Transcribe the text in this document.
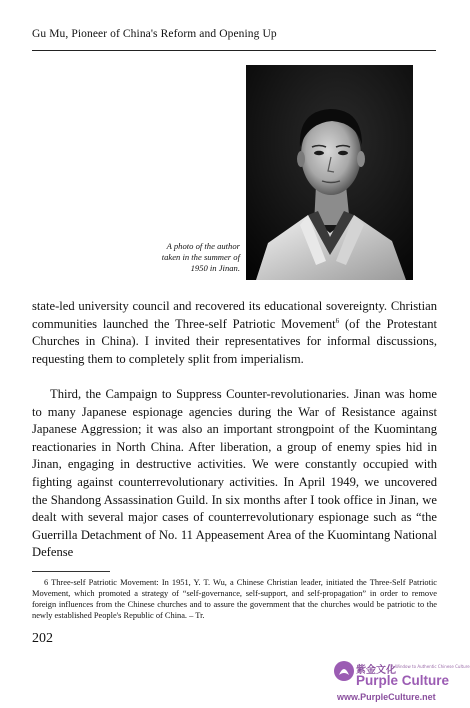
Gu Mu, Pioneer of China's Reform and Opening Up
A photo of the author
taken in the summer of
1950 in Jinan.
state-led university council and recovered its educational sovereignty. Christian communities launched the Three-self Patriotic Movement$^6$ (of the Protestant Churches in China). I invited their representatives for informal discussions, requesting them to completely split from imperialism.
Third, the Campaign to Suppress Counter-revolutionaries. Jinan was home to many Japanese espionage agencies during the War of Resistance against Japanese Aggression; it was also an important strongpoint of the Kuomintang reactionaries in North China. After liberation, a group of enemy spies hid in Jinan, engaging in destructive activities. We were constantly occupied with fighting against counterrevolutionary activities. In April 1949, we uncovered the Shandong Assassination Guild. In six months after I took office in Jinan, we dealt with several major cases of counterrevolutionary espionage such as “the Guerrilla Detachment of No. 11 Appeasement Area of the Kuomintang National Defense
6 Three-self Patriotic Movement: In 1951, Y. T. Wu, a Chinese Christian leader, initiated the Three-Self Patriotic Movement, which promoted a strategy of “self-governance, self-support, and self-propagation” in order to remove foreign influences from the Chinese churches and to assure the government that the churches would be patriotic to the newly established People's Republic of China. – Tr.
202
紫金文化
A Window to Authentic Chinese Culture
Purple Culture
www.PurpleCulture.net
